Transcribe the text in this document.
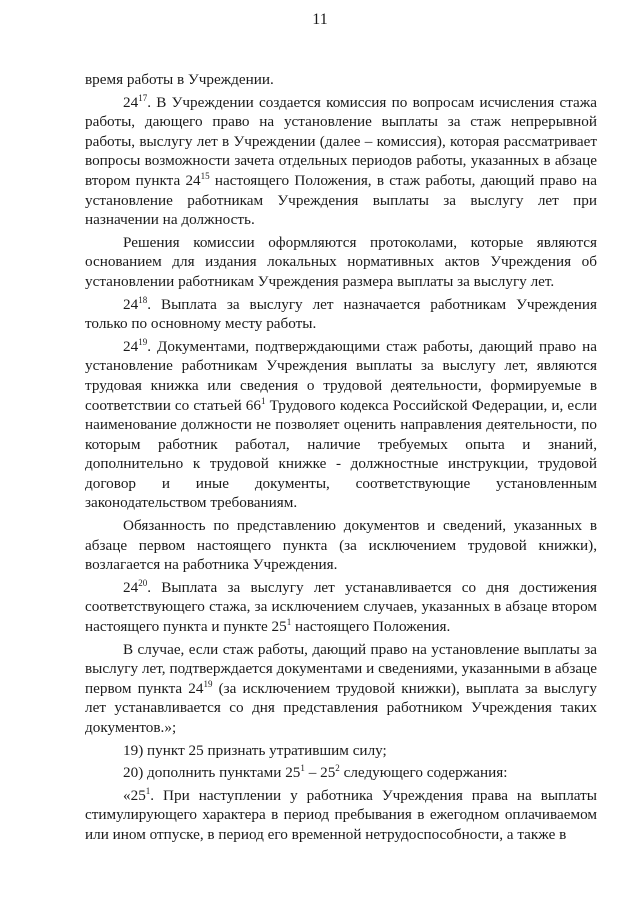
11

время работы в Учреждении.

$24^{17}$. В Учреждении создается комиссия по вопросам исчисления стажа работы, дающего право на установление выплаты за стаж непрерывной работы, выслугу лет в Учреждении (далее – комиссия), которая рассматривает вопросы возможности зачета отдельных периодов работы, указанных в абзаце втором пункта $24^{15}$ настоящего Положения, в стаж работы, дающий право на установление работникам Учреждения выплаты за выслугу лет при назначении на должность.

Решения комиссии оформляются протоколами, которые являются основанием для издания локальных нормативных актов Учреждения об установлении работникам Учреждения размера выплаты за выслугу лет.

$24^{18}$. Выплата за выслугу лет назначается работникам Учреждения только по основному месту работы.

$24^{19}$. Документами, подтверждающими стаж работы, дающий право на установление работникам Учреждения выплаты за выслугу лет, являются трудовая книжка или сведения о трудовой деятельности, формируемые в соответствии со статьей $66^1$ Трудового кодекса Российской Федерации, и, если наименование должности не позволяет оценить направления деятельности, по которым работник работал, наличие требуемых опыта и знаний, дополнительно к трудовой книжке - должностные инструкции, трудовой договор и иные документы, соответствующие установленным законодательством требованиям.

Обязанность по представлению документов и сведений, указанных в абзаце первом настоящего пункта (за исключением трудовой книжки), возлагается на работника Учреждения.

$24^{20}$. Выплата за выслугу лет устанавливается со дня достижения соответствующего стажа, за исключением случаев, указанных в абзаце втором настоящего пункта и пункте $25^1$ настоящего Положения.

В случае, если стаж работы, дающий право на установление выплаты за выслугу лет, подтверждается документами и сведениями, указанными в абзаце первом пункта $24^{19}$ (за исключением трудовой книжки), выплата за выслугу лет устанавливается со дня представления работником Учреждения таких документов.»;

19) пункт 25 признать утратившим силу;

20) дополнить пунктами $25^1 - 25^2$ следующего содержания:

«$25^1$. При наступлении у работника Учреждения права на выплаты стимулирующего характера в период пребывания в ежегодном оплачиваемом или ином отпуске, в период его временной нетрудоспособности, а также в
